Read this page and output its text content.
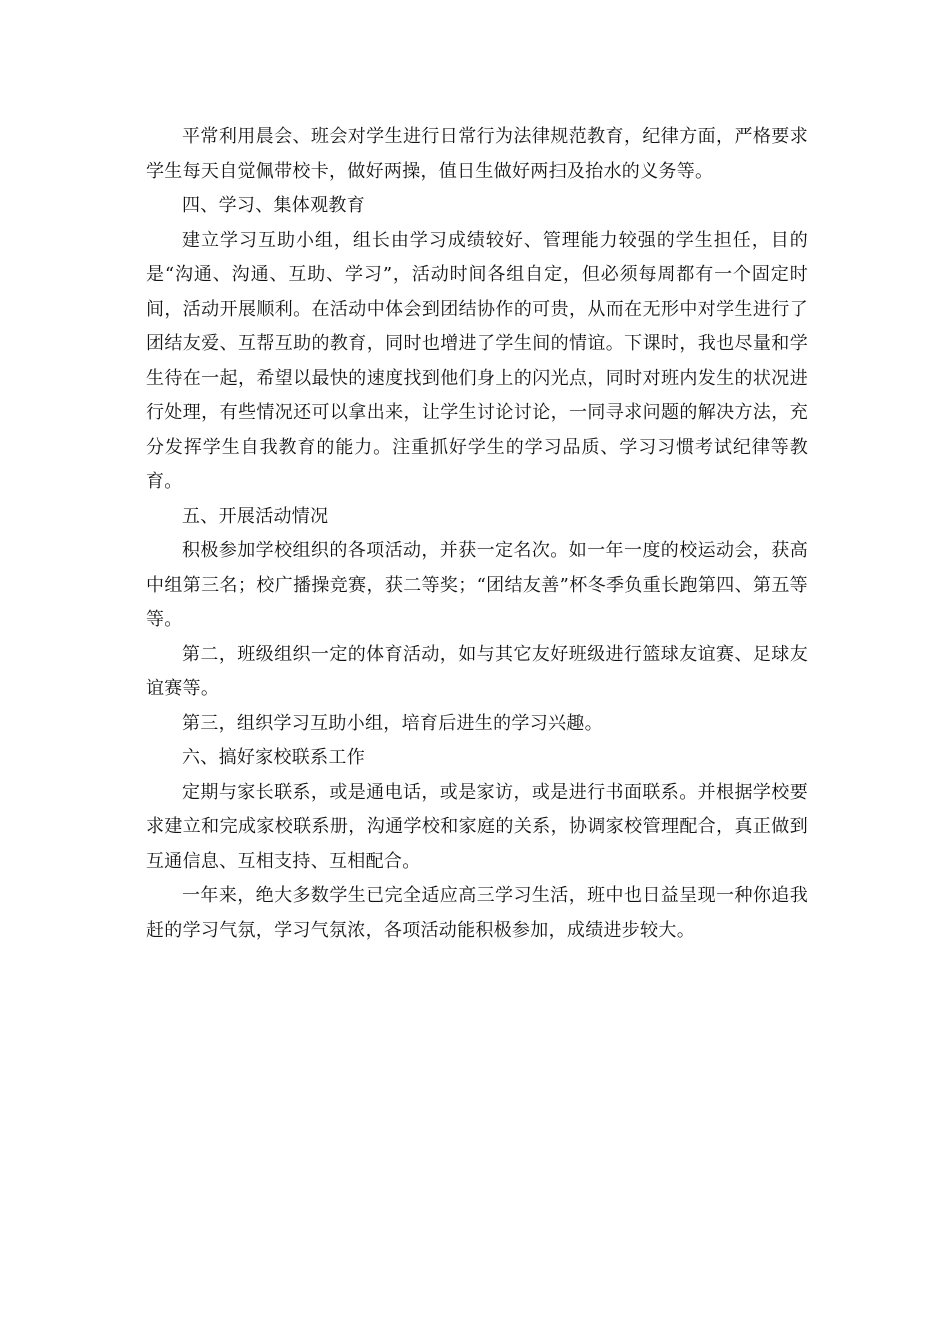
平常利用晨会、班会对学生进行日常行为法律规范教育，纪律方面，严格要求学生每天自觉佩带校卡，做好两操，值日生做好两扫及抬水的义务等。

四、学习、集体观教育

建立学习互助小组，组长由学习成绩较好、管理能力较强的学生担任，目的是“沟通、沟通、互助、学习”，活动时间各组自定，但必须每周都有一个固定时间，活动开展顺利。在活动中体会到团结协作的可贵，从而在无形中对学生进行了团结友爱、互帮互助的教育，同时也增进了学生间的情谊。下课时，我也尽量和学生待在一起，希望以最快的速度找到他们身上的闪光点，同时对班内发生的状况进行处理，有些情况还可以拿出来，让学生讨论讨论，一同寻求问题的解决方法，充分发挥学生自我教育的能力。注重抓好学生的学习品质、学习习惯考试纪律等教育。

五、开展活动情况

积极参加学校组织的各项活动，并获一定名次。如一年一度的校运动会，获高中组第三名；校广播操竞赛，获二等奖；“团结友善”杯冬季负重长跑第四、第五等等。

第二，班级组织一定的体育活动，如与其它友好班级进行篮球友谊赛、足球友谊赛等。

第三，组织学习互助小组，培育后进生的学习兴趣。

六、搞好家校联系工作

定期与家长联系，或是通电话，或是家访，或是进行书面联系。并根据学校要求建立和完成家校联系册，沟通学校和家庭的关系，协调家校管理配合，真正做到互通信息、互相支持、互相配合。

一年来，绝大多数学生已完全适应高三学习生活，班中也日益呈现一种你追我赶的学习气氛，学习气氛浓，各项活动能积极参加，成绩进步较大。
